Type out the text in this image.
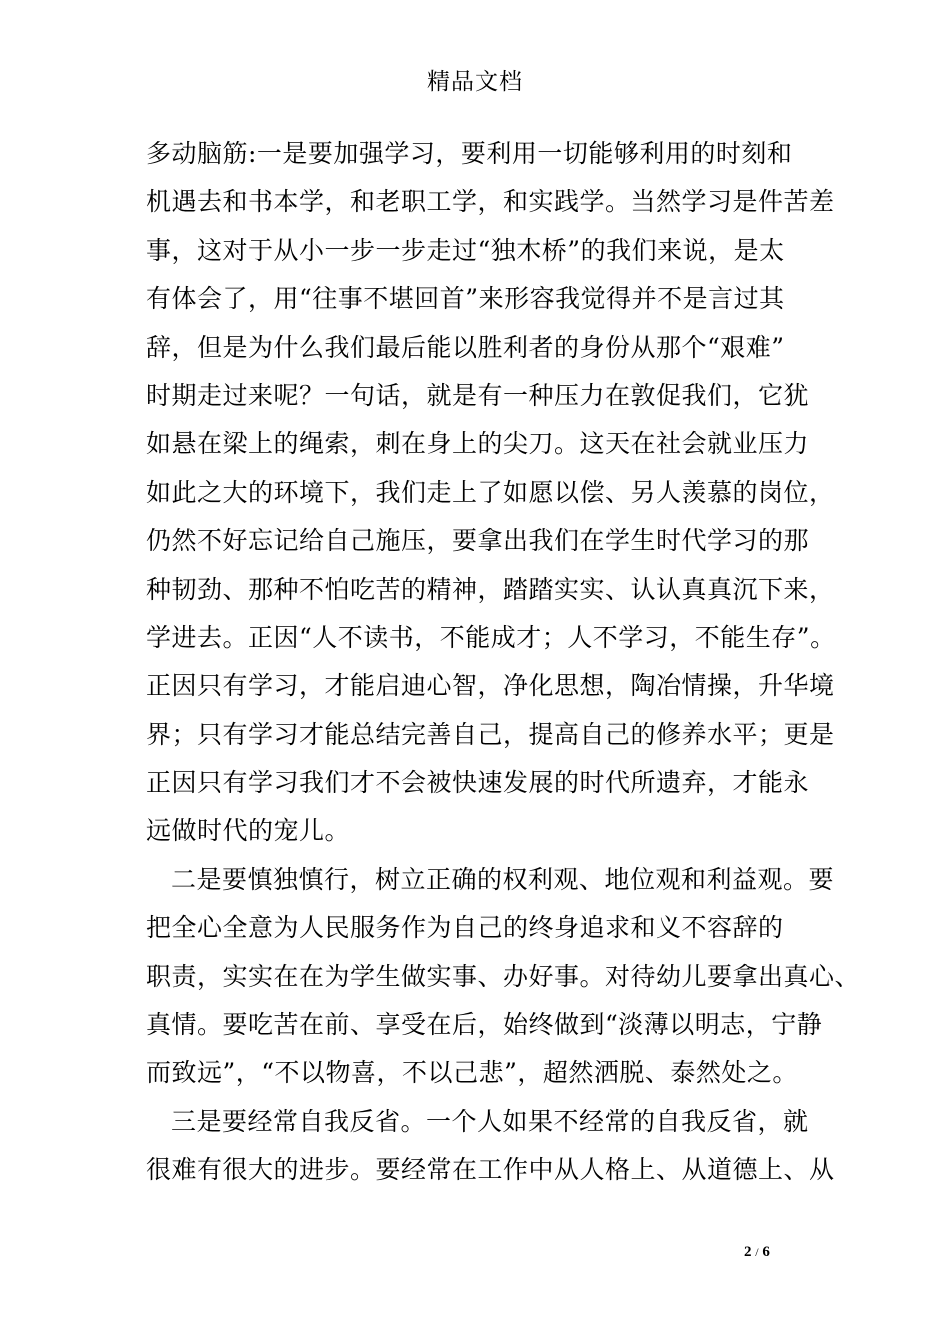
精品文档
多动脑筋:一是要加强学习，要利用一切能够利用的时刻和
机遇去和书本学，和老职工学，和实践学。当然学习是件苦差
事，这对于从小一步一步走过“独木桥”的我们来说，是太
有体会了，用“往事不堪回首”来形容我觉得并不是言过其
辞，但是为什么我们最后能以胜利者的身份从那个“艰难”
时期走过来呢？一句话，就是有一种压力在敦促我们，它犹
如悬在梁上的绳索，刺在身上的尖刀。这天在社会就业压力
如此之大的环境下，我们走上了如愿以偿、另人羡慕的岗位，
仍然不好忘记给自己施压，要拿出我们在学生时代学习的那
种韧劲、那种不怕吃苦的精神，踏踏实实、认认真真沉下来，
学进去。正因“人不读书，不能成才；人不学习，不能生存”。
正因只有学习，才能启迪心智，净化思想，陶冶情操，升华境
界；只有学习才能总结完善自己，提高自己的修养水平；更是
正因只有学习我们才不会被快速发展的时代所遗弃，才能永
远做时代的宠儿。
二是要慎独慎行，树立正确的权利观、地位观和利益观。要
把全心全意为人民服务作为自己的终身追求和义不容辞的
职责，实实在在为学生做实事、办好事。对待幼儿要拿出真心、
真情。要吃苦在前、享受在后，始终做到“淡薄以明志，宁静
而致远”，“不以物喜，不以己悲”，超然洒脱、泰然处之。
三是要经常自我反省。一个人如果不经常的自我反省，就
很难有很大的进步。要经常在工作中从人格上、从道德上、从
2 / 6
